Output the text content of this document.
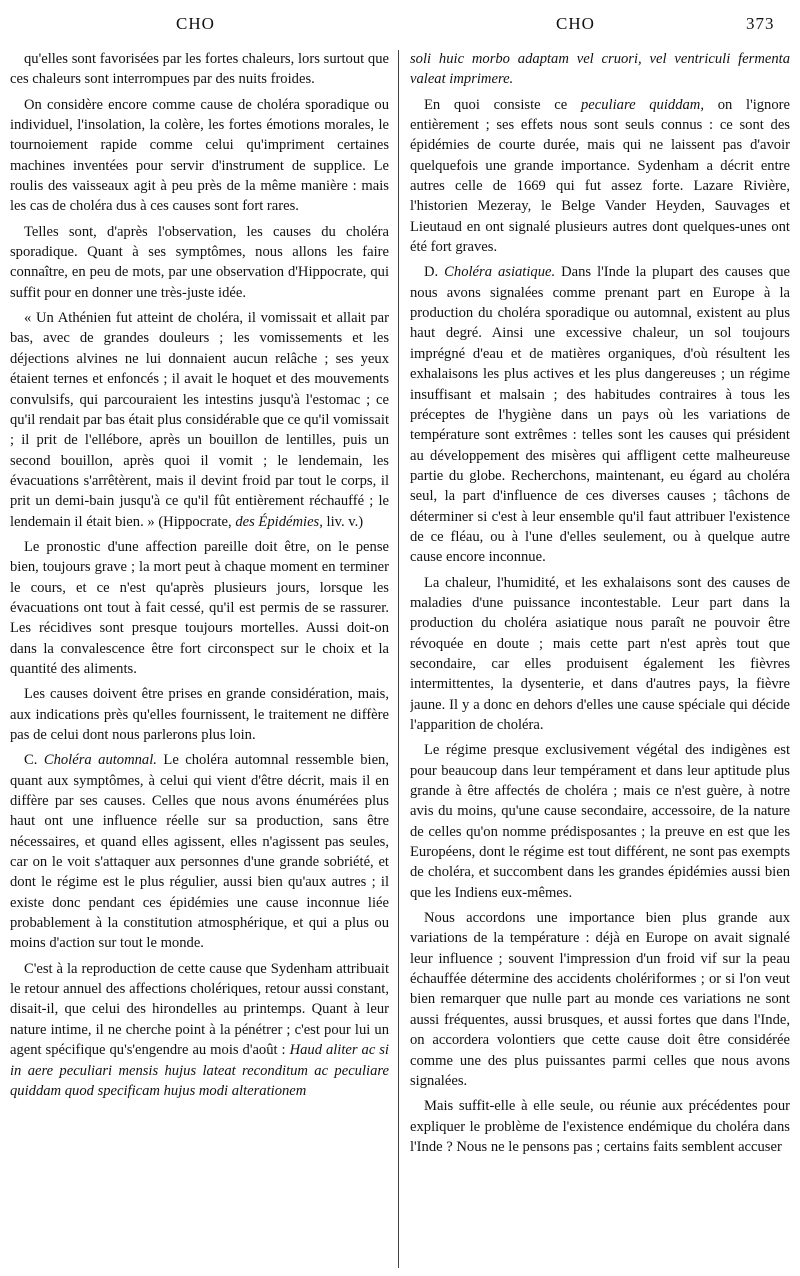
CHO	CHO	373

qu'elles sont favorisées par les fortes chaleurs, lors surtout que ces chaleurs sont interrompues par des nuits froides.

On considère encore comme cause de choléra sporadique ou individuel, l'insolation, la colère, les fortes émotions morales, le tournoiement rapide comme celui qu'impriment certaines machines inventées pour servir d'instrument de supplice. Le roulis des vaisseaux agit à peu près de la même manière : mais les cas de choléra dus à ces causes sont fort rares.

Telles sont, d'après l'observation, les causes du choléra sporadique. Quant à ses symptômes, nous allons les faire connaître, en peu de mots, par une observation d'Hippocrate, qui suffit pour en donner une très-juste idée.

« Un Athénien fut atteint de choléra, il vomissait et allait par bas, avec de grandes douleurs ; les vomissements et les déjections alvines ne lui donnaient aucun relâche ; ses yeux étaient ternes et enfoncés ; il avait le hoquet et des mouvements convulsifs, qui parcouraient les intestins jusqu'à l'estomac ; ce qu'il rendait par bas était plus considérable que ce qu'il vomissait ; il prit de l'ellébore, après un bouillon de lentilles, puis un second bouillon, après quoi il vomit ; le lendemain, les évacuations s'arrêtèrent, mais il devint froid par tout le corps, il prit un demi-bain jusqu'à ce qu'il fût entièrement réchauffé ; le lendemain il était bien. » (Hippocrate, des Épidémies, liv. v.)

Le pronostic d'une affection pareille doit être, on le pense bien, toujours grave ; la mort peut à chaque moment en terminer le cours, et ce n'est qu'après plusieurs jours, lorsque les évacuations ont tout à fait cessé, qu'il est permis de se rassurer. Les récidives sont presque toujours mortelles. Aussi doit-on dans la convalescence être fort circonspect sur le choix et la quantité des aliments.

Les causes doivent être prises en grande considération, mais, aux indications près qu'elles fournissent, le traitement ne diffère pas de celui dont nous parlerons plus loin.

C. Choléra automnal. Le choléra automnal ressemble bien, quant aux symptômes, à celui qui vient d'être décrit, mais il en diffère par ses causes. Celles que nous avons énumérées plus haut ont une influence réelle sur sa production, sans être nécessaires, et quand elles agissent, elles n'agissent pas seules, car on le voit s'attaquer aux personnes d'une grande sobriété, et dont le régime est le plus régulier, aussi bien qu'aux autres ; il existe donc pendant ces épidémies une cause inconnue liée probablement à la constitution atmosphérique, et qui a plus ou moins d'action sur tout le monde.

C'est à la reproduction de cette cause que Sydenham attribuait le retour annuel des affections cholériques, retour aussi constant, disait-il, que celui des hirondelles au printemps. Quant à leur nature intime, il ne cherche point à la pénétrer ; c'est pour lui un agent spécifique qu's'engendre au mois d'août : Haud aliter ac si in aere peculiari mensis hujus lateat reconditum ac peculiare quiddam quod specificam hujus modi alterationem

soli huic morbo adaptam vel cruori, vel ventriculi fermenta valeat imprimere.

En quoi consiste ce peculiare quiddam, on l'ignore entièrement ; ses effets nous sont seuls connus : ce sont des épidémies de courte durée, mais qui ne laissent pas d'avoir quelquefois une grande importance. Sydenham a décrit entre autres celle de 1669 qui fut assez forte. Lazare Rivière, l'historien Mezeray, le Belge Vander Heyden, Sauvages et Lieutaud en ont signalé plusieurs autres dont quelques-unes ont été fort graves.

D. Choléra asiatique. Dans l'Inde la plupart des causes que nous avons signalées comme prenant part en Europe à la production du choléra sporadique ou automnal, existent au plus haut degré. Ainsi une excessive chaleur, un sol toujours imprégné d'eau et de matières organiques, d'où résultent les exhalaisons les plus actives et les plus dangereuses ; un régime insuffisant et malsain ; des habitudes contraires à tous les préceptes de l'hygiène dans un pays où les variations de température sont extrêmes : telles sont les causes qui président au développement des misères qui affligent cette malheureuse partie du globe. Recherchons, maintenant, eu égard au choléra seul, la part d'influence de ces diverses causes ; tâchons de déterminer si c'est à leur ensemble qu'il faut attribuer l'existence de ce fléau, ou à l'une d'elles seulement, ou à quelque autre cause encore inconnue.

La chaleur, l'humidité, et les exhalaisons sont des causes de maladies d'une puissance incontestable. Leur part dans la production du choléra asiatique nous paraît ne pouvoir être révoquée en doute ; mais cette part n'est après tout que secondaire, car elles produisent également les fièvres intermittentes, la dysenterie, et dans d'autres pays, la fièvre jaune. Il y a donc en dehors d'elles une cause spéciale qui décide l'apparition de choléra.

Le régime presque exclusivement végétal des indigènes est pour beaucoup dans leur tempérament et dans leur aptitude plus grande à être affectés de choléra ; mais ce n'est guère, à notre avis du moins, qu'une cause secondaire, accessoire, de la nature de celles qu'on nomme prédisposantes ; la preuve en est que les Européens, dont le régime est tout différent, ne sont pas exempts de choléra, et succombent dans les grandes épidémies aussi bien que les Indiens eux-mêmes.

Nous accordons une importance bien plus grande aux variations de la température : déjà en Europe on avait signalé leur influence ; souvent l'impression d'un froid vif sur la peau échauffée détermine des accidents cholériformes ; or si l'on veut bien remarquer que nulle part au monde ces variations ne sont aussi fréquentes, aussi brusques, et aussi fortes que dans l'Inde, on accordera volontiers que cette cause doit être considérée comme une des plus puissantes parmi celles que nous avons signalées.

Mais suffit-elle à elle seule, ou réunie aux précédentes pour expliquer le problème de l'existence endémique du choléra dans l'Inde ? Nous ne le pensons pas ; certains faits semblent accuser
